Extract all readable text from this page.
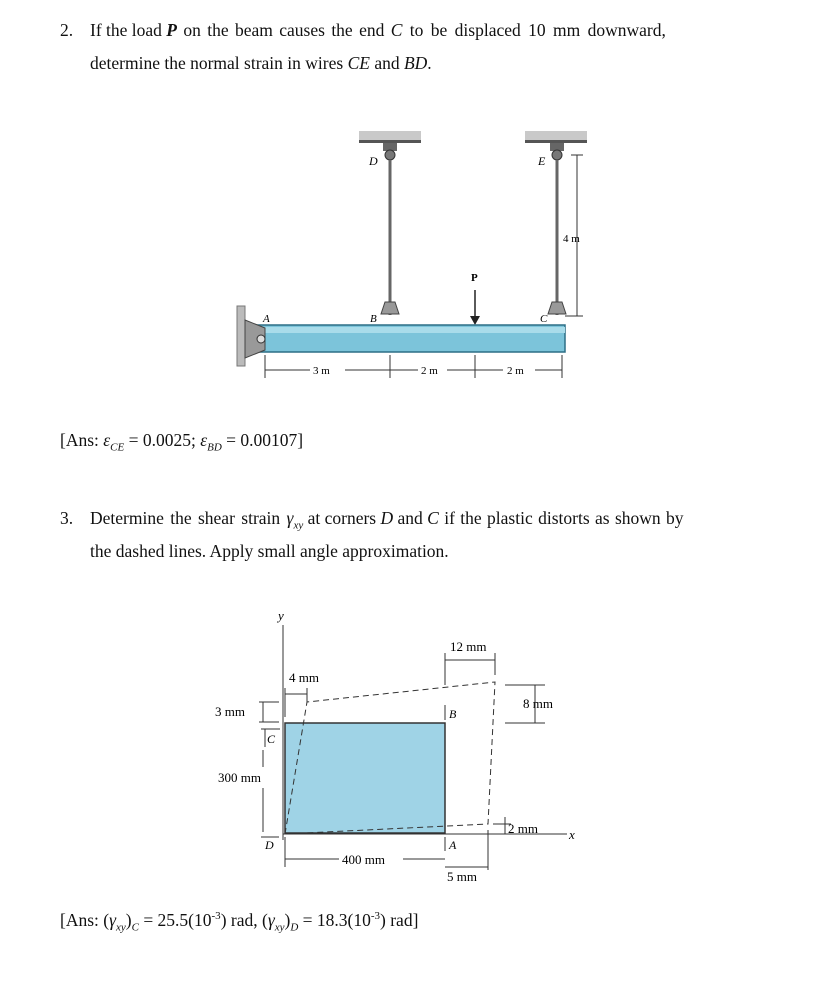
2. If the load P on the beam causes the end C to be displaced 10 mm downward,
determine the normal strain in wires CE and BD.
4 m
D	E
P
A	B	C
3 m	2 m	2 m
[Ans: $\varepsilon_{CE} = 0.0025$; $\varepsilon_{BD} = 0.00107$]
3. Determine the shear strain $\gamma_{xy}$ at corners D and C if the plastic distorts as shown by
the dashed lines. Apply small angle approximation.
y
x
C
D
B
A
4 mm
3 mm
300 mm
12 mm
8 mm
2 mm
400 mm
5 mm
[Ans: $(\gamma_{xy})_C = 25.5(10^{-3})$ rad, $(\gamma_{xy})_D = 18.3(10^{-3})$ rad]
